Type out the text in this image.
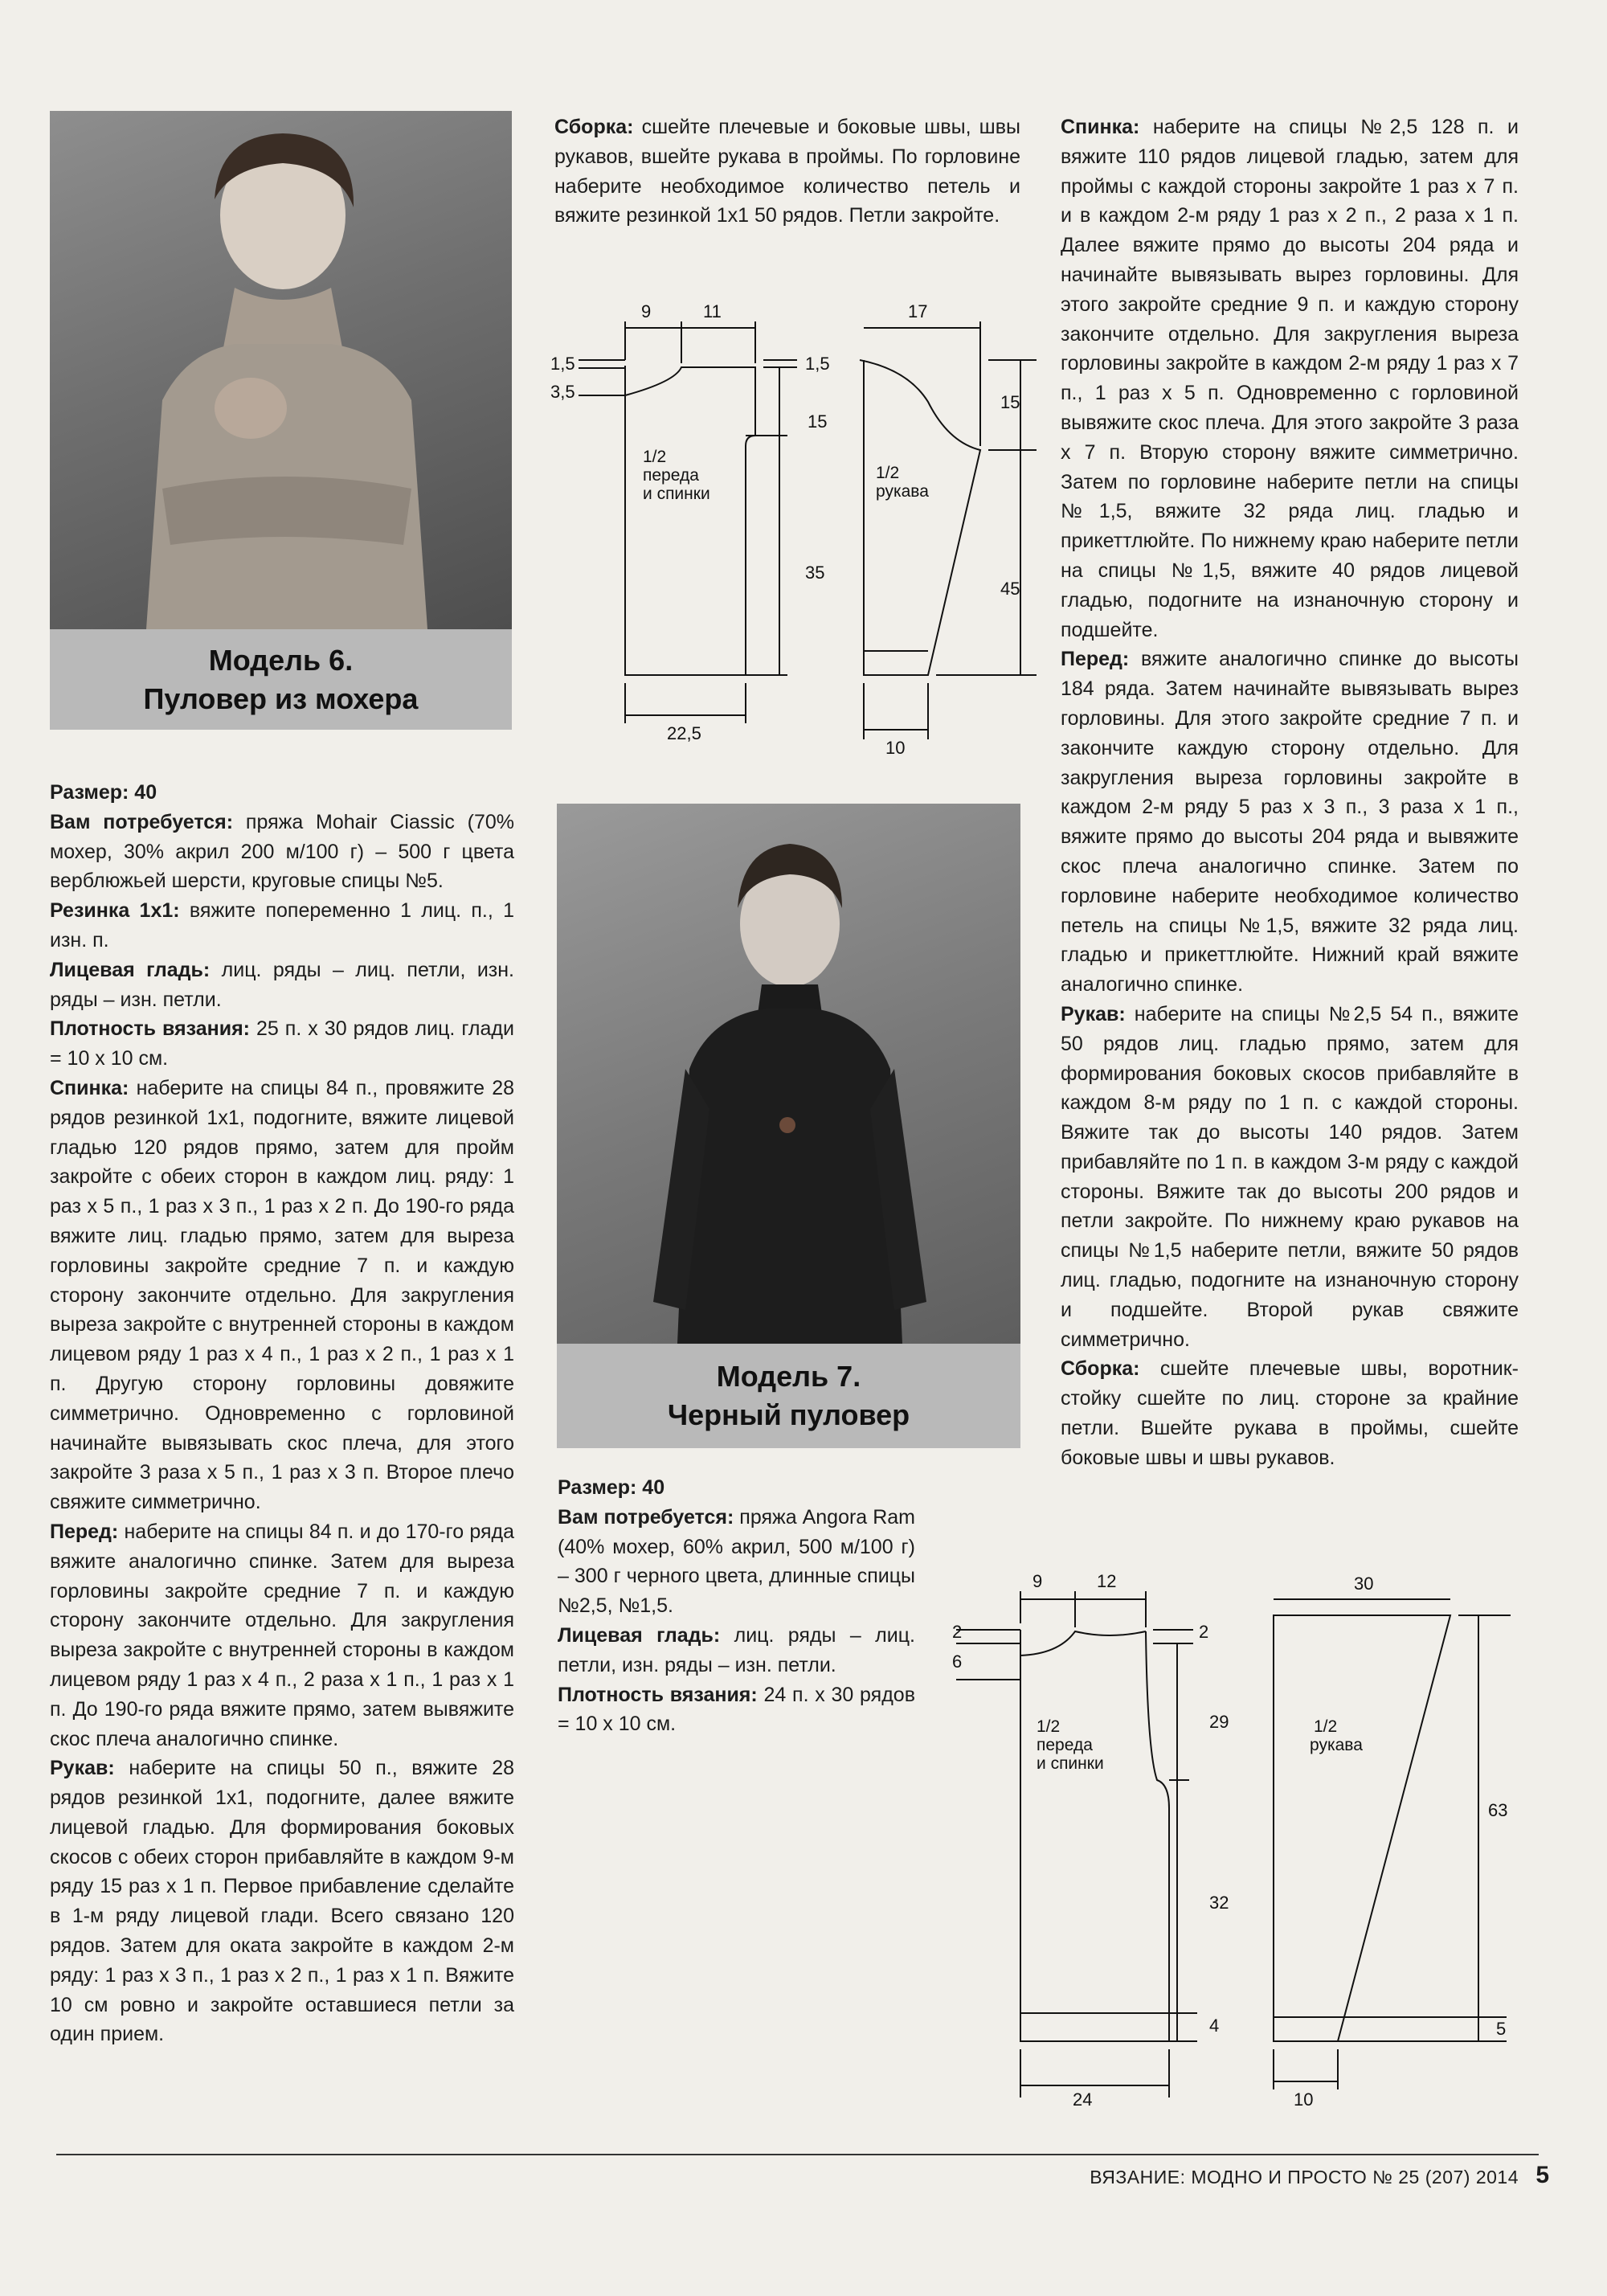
Модель 6.
Пуловер из мохера

Размер: 40

Вам потребуется: пряжа Mohair Ciassic (70% мохер, 30% акрил 200 м/100 г) – 500 г цвета верблюжьей шерсти, круговые спицы №5.

Резинка 1х1: вяжите попеременно 1 лиц. п., 1 изн. п.

Лицевая гладь: лиц. ряды – лиц. петли, изн. ряды – изн. петли.

Плотность вязания: 25 п. х 30 рядов лиц. глади = 10 х 10 см.

Спинка: наберите на спицы 84 п., провяжите 28 рядов резинкой 1х1, подогните, вяжите лицевой гладью 120 рядов прямо, затем для пройм закройте с обеих сторон в каждом лиц. ряду: 1 раз х 5 п., 1 раз х 3 п., 1 раз х 2 п. До 190-го ряда вяжите лиц. гладью прямо, затем для выреза горловины закройте средние 7 п. и каждую сторону закончите отдельно. Для закругления выреза закройте с внутренней стороны в каждом лицевом ряду 1 раз х 4 п., 1 раз х 2 п., 1 раз х 1 п. Другую сторону горловины довяжите симметрично. Одновременно с горловиной начинайте вывязывать скос плеча, для этого закройте 3 раза х 5 п., 1 раз х 3 п. Второе плечо свяжите симметрично.

Перед: наберите на спицы 84 п. и до 170-го ряда вяжите аналогично спинке. Затем для выреза горловины закройте средние 7 п. и каждую сторону закончите отдельно. Для закругления выреза закройте с внутренней стороны в каждом лицевом ряду 1 раз х 4 п., 2 раза х 1 п., 1 раз х 1 п. До 190-го ряда вяжите прямо, затем вывяжите скос плеча аналогично спинке.

Рукав: наберите на спицы 50 п., вяжите 28 рядов резинкой 1х1, подогните, далее вяжите лицевой гладью. Для формирования боковых скосов с обеих сторон прибавляйте в каждом 9-м ряду 15 раз х 1 п. Первое прибавление сделайте в 1-м ряду лицевой глади. Всего связано 120 рядов. Затем для оката закройте в каждом 2-м ряду: 1 раз х 3 п., 1 раз х 2 п., 1 раз х 1 п. Вяжите 10 см ровно и закройте оставшиеся петли за один прием.

Сборка: сшейте плечевые и боковые швы, швы рукавов, вшейте рукава в проймы. По горловине наберите необходимое количество петель и вяжите резинкой 1х1 50 рядов. Петли закройте.

9	11
1,5
3,5
1,5
15
35
22,5
1/2
переда
и спинки
17
15
45
10
1/2
рукава
Модель 7.
Черный пуловер

Размер: 40

Вам потребуется: пряжа Angora Ram (40% мохер, 60% акрил, 500 м/100 г) – 300 г черного цвета, длинные спицы №2,5, №1,5.

Лицевая гладь: лиц. ряды – лиц. петли, изн. ряды – изн. петли.

Плотность вязания: 24 п. х 30 рядов = 10 х 10 см.

Спинка: наберите на спицы №2,5 128 п. и вяжите 110 рядов лицевой гладью, затем для проймы с каждой стороны закройте 1 раз х 7 п. и в каждом 2-м ряду 1 раз х 2 п., 2 раза х 1 п. Далее вяжите прямо до высоты 204 ряда и начинайте вывязывать вырез горловины. Для этого закройте средние 9 п. и каждую сторону закончите отдельно. Для закругления выреза горловины закройте в каждом 2-м ряду 1 раз х 7 п., 1 раз х 5 п. Одновременно с горловиной вывяжите скос плеча. Для этого закройте 3 раза х 7 п. Вторую сторону вяжите симметрично. Затем по горловине наберите петли на спицы №1,5, вяжите 32 ряда лиц. гладью и прикеттлюйте. По нижнему краю наберите петли на спицы №1,5, вяжите 40 рядов лицевой гладью, подогните на изнаночную сторону и подшейте.

Перед: вяжите аналогично спинке до высоты 184 ряда. Затем начинайте вывязывать вырез горловины. Для этого закройте средние 7 п. и закончите каждую сторону отдельно. Для закругления выреза горловины закройте в каждом 2-м ряду 5 раз х 3 п., 3 раза х 1 п., вяжите прямо до высоты 204 ряда и вывяжите скос плеча аналогично спинке. Затем по горловине наберите необходимое количество петель на спицы №1,5, вяжите 32 ряда лиц. гладью и прикеттлюйте. Нижний край вяжите аналогично спинке.

Рукав: наберите на спицы №2,5 54 п., вяжите 50 рядов лиц. гладью прямо, затем для формирования боковых скосов прибавляйте в каждом 8-м ряду по 1 п. с каждой стороны. Вяжите так до высоты 140 рядов. Затем прибавляйте по 1 п. в каждом 3-м ряду с каждой стороны. Вяжите так до высоты 200 рядов и петли закройте. По нижнему краю рукавов на спицы №1,5 наберите петли, вяжите 50 рядов лиц. гладью, подогните на изнаночную сторону и подшейте. Второй рукав свяжите симметрично.

Сборка: сшейте плечевые швы, воротник-стойку сшейте по лиц. стороне за крайние петли. Вшейте рукава в проймы, сшейте боковые швы и швы рукавов.

9	12
2
6
2
29
32
4
24
1/2
переда
и спинки
30
63
5
10
1/2
рукава
ВЯЗАНИЕ: МОДНО И ПРОСТО № 25 (207) 2014 5
